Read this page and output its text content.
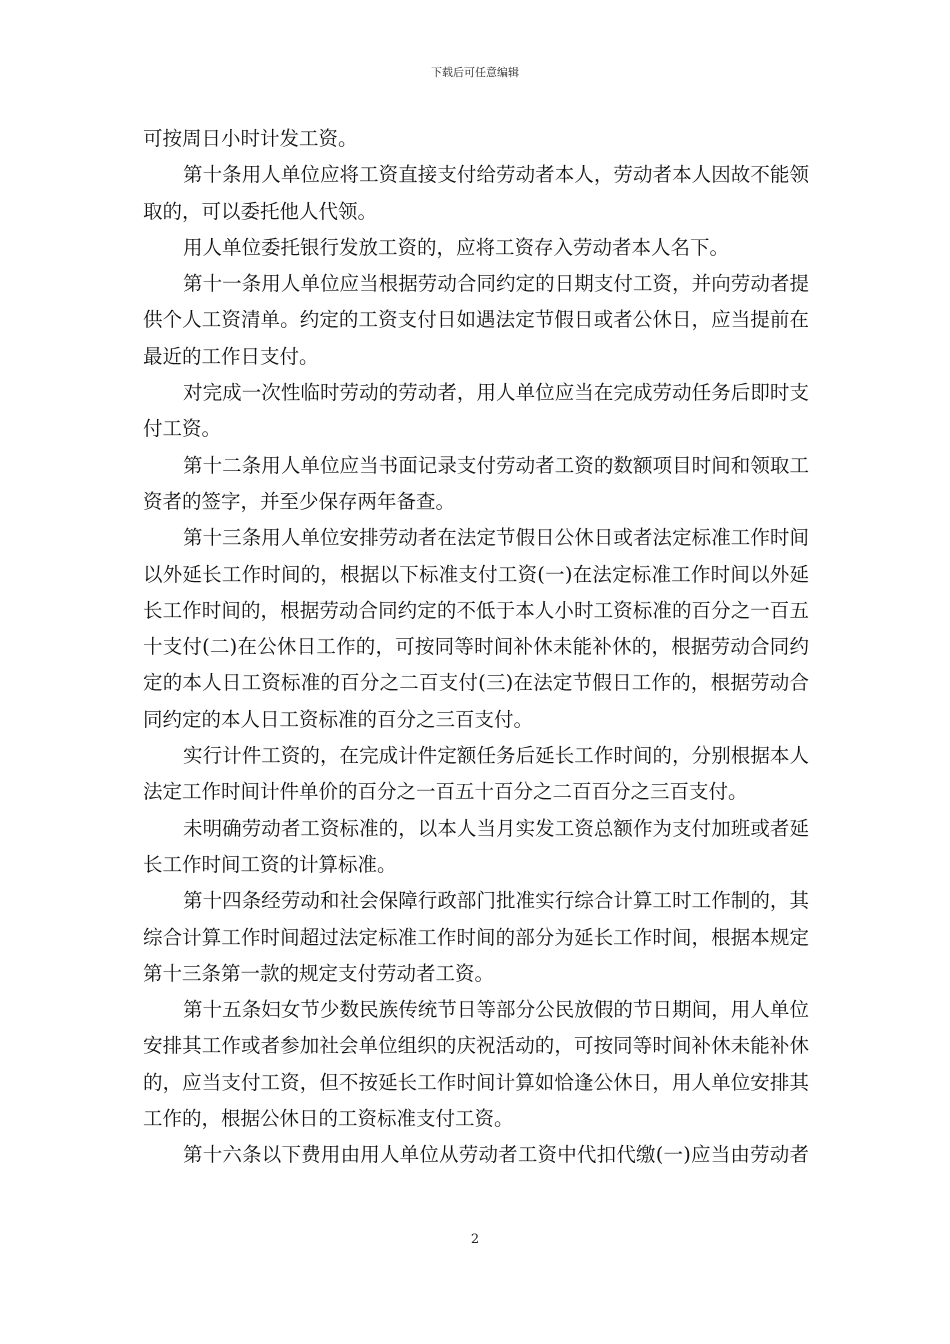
下载后可任意编辑
可按周日小时计发工资。
第十条用人单位应将工资直接支付给劳动者本人，劳动者本人因故不能领
取的，可以委托他人代领。
用人单位委托银行发放工资的，应将工资存入劳动者本人名下。
第十一条用人单位应当根据劳动合同约定的日期支付工资，并向劳动者提
供个人工资清单。约定的工资支付日如遇法定节假日或者公休日，应当提前在
最近的工作日支付。
对完成一次性临时劳动的劳动者，用人单位应当在完成劳动任务后即时支
付工资。
第十二条用人单位应当书面记录支付劳动者工资的数额项目时间和领取工
资者的签字，并至少保存两年备查。
第十三条用人单位安排劳动者在法定节假日公休日或者法定标准工作时间
以外延长工作时间的，根据以下标准支付工资(一)在法定标准工作时间以外延
长工作时间的，根据劳动合同约定的不低于本人小时工资标准的百分之一百五
十支付(二)在公休日工作的，可按同等时间补休未能补休的，根据劳动合同约
定的本人日工资标准的百分之二百支付(三)在法定节假日工作的，根据劳动合
同约定的本人日工资标准的百分之三百支付。
实行计件工资的，在完成计件定额任务后延长工作时间的，分别根据本人
法定工作时间计件单价的百分之一百五十百分之二百百分之三百支付。
未明确劳动者工资标准的，以本人当月实发工资总额作为支付加班或者延
长工作时间工资的计算标准。
第十四条经劳动和社会保障行政部门批准实行综合计算工时工作制的，其
综合计算工作时间超过法定标准工作时间的部分为延长工作时间，根据本规定
第十三条第一款的规定支付劳动者工资。
第十五条妇女节少数民族传统节日等部分公民放假的节日期间，用人单位
安排其工作或者参加社会单位组织的庆祝活动的，可按同等时间补休未能补休
的，应当支付工资，但不按延长工作时间计算如恰逢公休日，用人单位安排其
工作的，根据公休日的工资标准支付工资。
第十六条以下费用由用人单位从劳动者工资中代扣代缴(一)应当由劳动者
2
